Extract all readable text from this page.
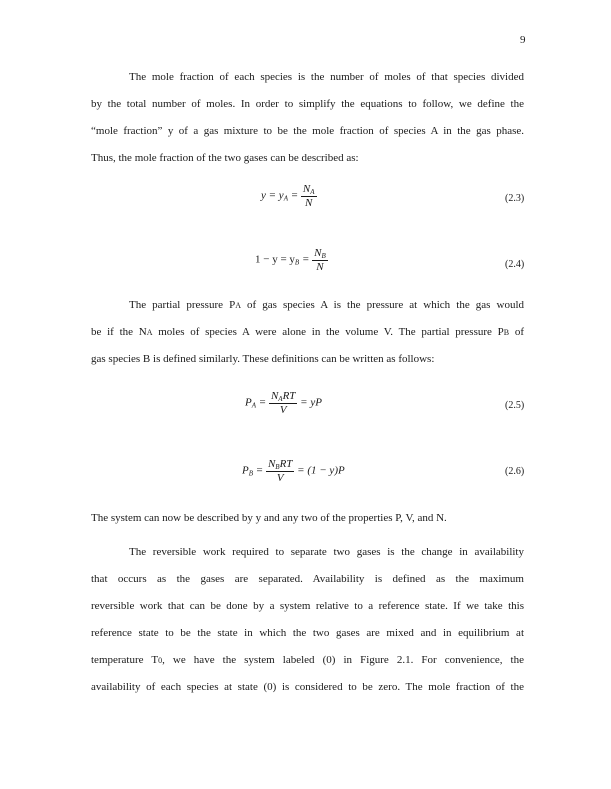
9
The mole fraction of each species is the number of moles of that species divided
by the total number of moles. In order to simplify the equations to follow, we define the
“mole fraction” y of a gas mixture to be the mole fraction of species A in the gas phase.
Thus, the mole fraction of the two gases can be described as:
$y = y_A = \frac{N_A}{N}$	(2.3)
$1 - y = y_B = \frac{N_B}{N}$	(2.4)
The partial pressure PA of gas species A is the pressure at which the gas would
be if the NA moles of species A were alone in the volume V. The partial pressure PB of
gas species B is defined similarly. These definitions can be written as follows:
$P_A = \frac{N_ART}{V}$ = yP	(2.5)
$P_B = \frac{N_BRT}{V} = (1 - y)P$	(2.6)
The system can now be described by y and any two of the properties P, V, and N.
The reversible work required to separate two gases is the change in availability
that occurs as the gases are separated. Availability is defined as the maximum
reversible work that can be done by a system relative to a reference state. If we take this
reference state to be the state in which the two gases are mixed and in equilibrium at
temperature T0, we have the system labeled (0) in Figure 2.1. For convenience, the
availability of each species at state (0) is considered to be zero. The mole fraction of the
